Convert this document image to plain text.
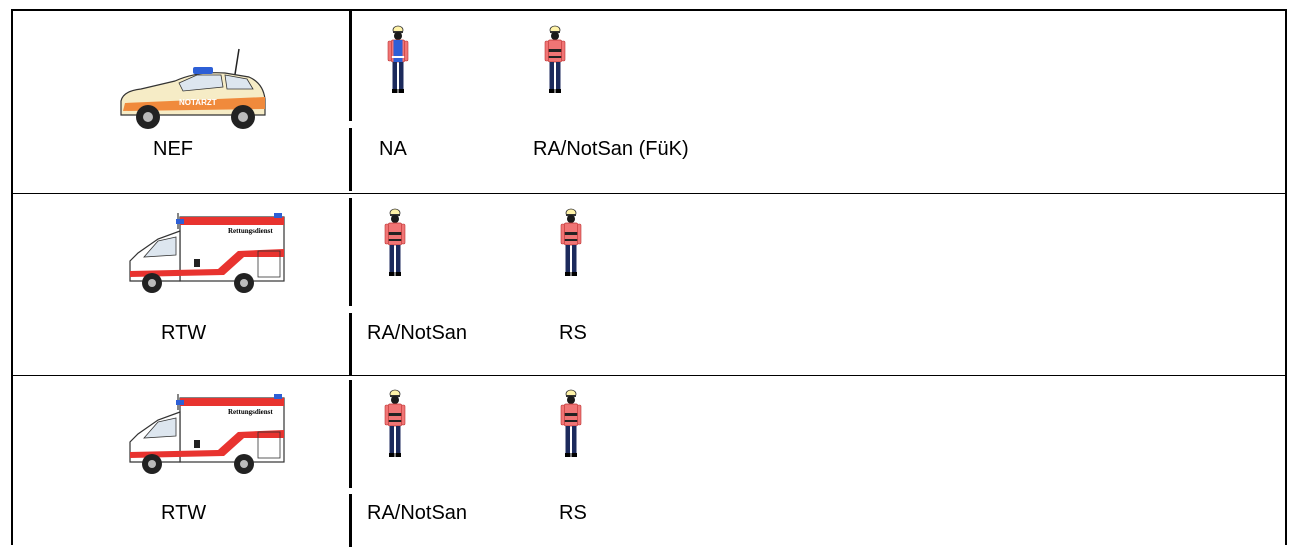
NOTARZT
NEF	NA	RA/NotSan (FüK)
Rettungsdienst
RTW	RA/NotSan	RS
Rettungsdienst
RTW	RA/NotSan	RS
